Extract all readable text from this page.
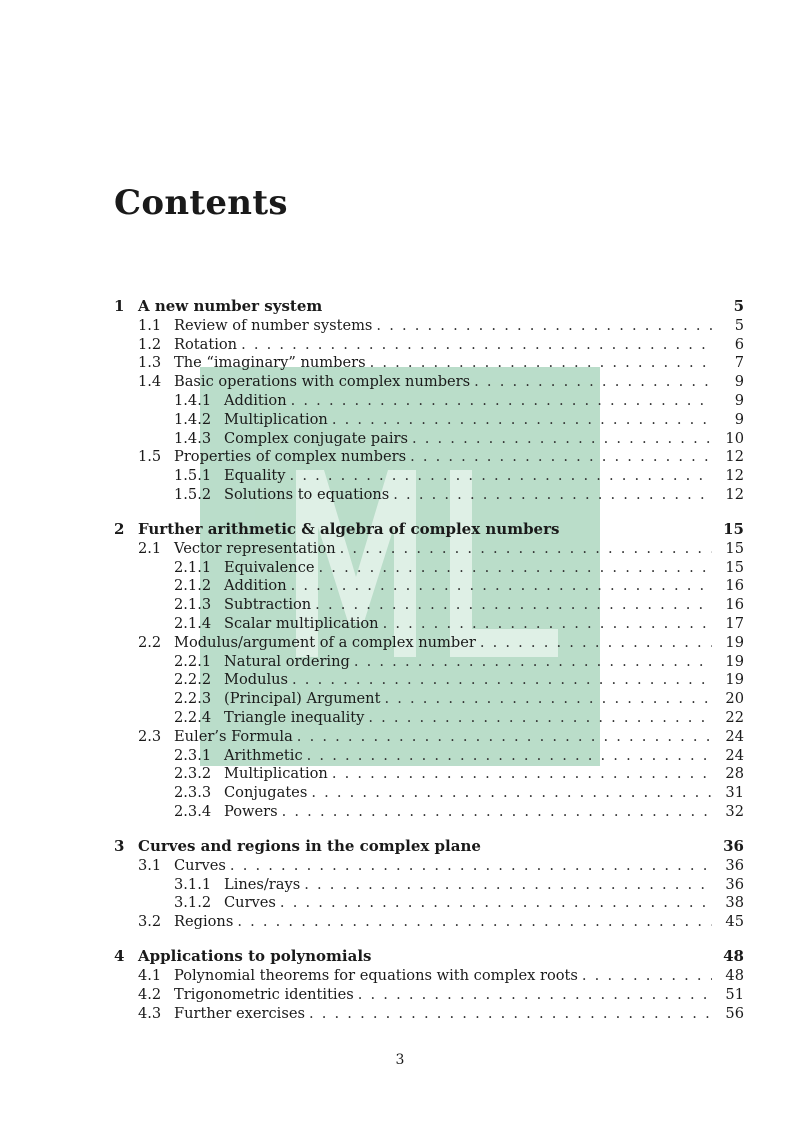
Contents
1 A new number system	5
1.1 Review of number systems . . .	5
1.2 Rotation . . .	6
1.3 The “imaginary” numbers . . .	7
1.4 Basic operations with complex numbers . . .	9
1.4.1 Addition . . .	9
1.4.2 Multiplication . . .	9
1.4.3 Complex conjugate pairs . . .	10
1.5 Properties of complex numbers . . .	12
1.5.1 Equality . . .	12
1.5.2 Solutions to equations . . .	12
2 Further arithmetic & algebra of complex numbers	15
2.1 Vector representation . . .	15
2.1.1 Equivalence . . .	15
2.1.2 Addition . . .	16
2.1.3 Subtraction . . .	16
2.1.4 Scalar multiplication . . .	17
2.2 Modulus/argument of a complex number . . .	19
2.2.1 Natural ordering . . .	19
2.2.2 Modulus . . .	19
2.2.3 (Principal) Argument . . .	20
2.2.4 Triangle inequality . . .	22
2.3 Euler’s Formula . . .	24
2.3.1 Arithmetic . . .	24
2.3.2 Multiplication . . .	28
2.3.3 Conjugates . . .	31
2.3.4 Powers . . .	32
3 Curves and regions in the complex plane	36
3.1 Curves . . .	36
3.1.1 Lines/rays . . .	36
3.1.2 Curves . . .	38
3.2 Regions . . .	45
4 Applications to polynomials	48
4.1 Polynomial theorems for equations with complex roots . . .	48
4.2 Trigonometric identities . . .	51
4.3 Further exercises . . .	56
3
